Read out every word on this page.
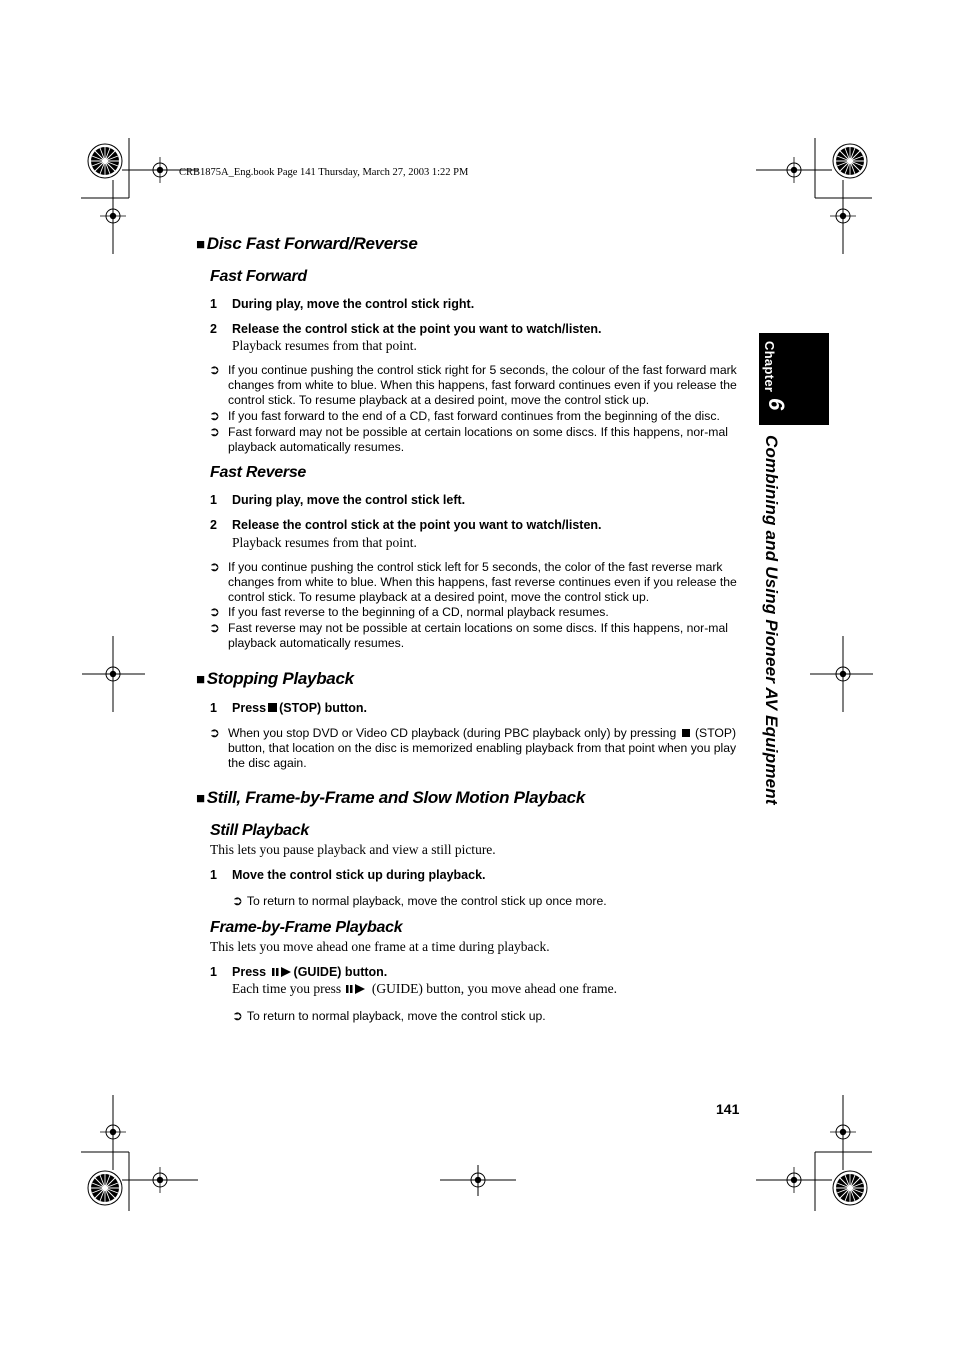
CRB1875A_Eng.book Page 141 Thursday, March 27, 2003 1:22 PM
Chapter
6
Combining and Using Pioneer AV Equipment
■ Disc Fast Forward/Reverse
Fast Forward
1 During play, move the control stick right.
2 Release the control stick at the point you want to watch/listen.
Playback resumes from that point.
➲ If you continue pushing the control stick right for 5 seconds, the colour of the fast forward mark changes from white to blue. When this happens, fast forward continues even if you release the control stick. To resume playback at a desired point, move the control stick up.
➲ If you fast forward to the end of a CD, fast forward continues from the beginning of the disc.
➲ Fast forward may not be possible at certain locations on some discs. If this happens, nor-mal playback automatically resumes.
Fast Reverse
1 During play, move the control stick left.
2 Release the control stick at the point you want to watch/listen.
Playback resumes from that point.
➲ If you continue pushing the control stick left for 5 seconds, the color of the fast reverse mark changes from white to blue. When this happens, fast reverse continues even if you release the control stick. To resume playback at a desired point, move the control stick up.
➲ If you fast reverse to the beginning of a CD, normal playback resumes.
➲ Fast reverse may not be possible at certain locations on some discs. If this happens, nor-mal playback automatically resumes.
■ Stopping Playback
1 Press (STOP) button.
➲ When you stop DVD or Video CD playback (during PBC playback only) by pressing (STOP) button, that location on the disc is memorized enabling playback from that point when you play the disc again.
■ Still, Frame-by-Frame and Slow Motion Playback
Still Playback
This lets you pause playback and view a still picture.
1 Move the control stick up during playback.
➲ To return to normal playback, move the control stick up once more.
Frame-by-Frame Playback
This lets you move ahead one frame at a time during playback.
1 Press (GUIDE) button.
Each time you press (GUIDE) button, you move ahead one frame.
➲ To return to normal playback, move the control stick up.
141
